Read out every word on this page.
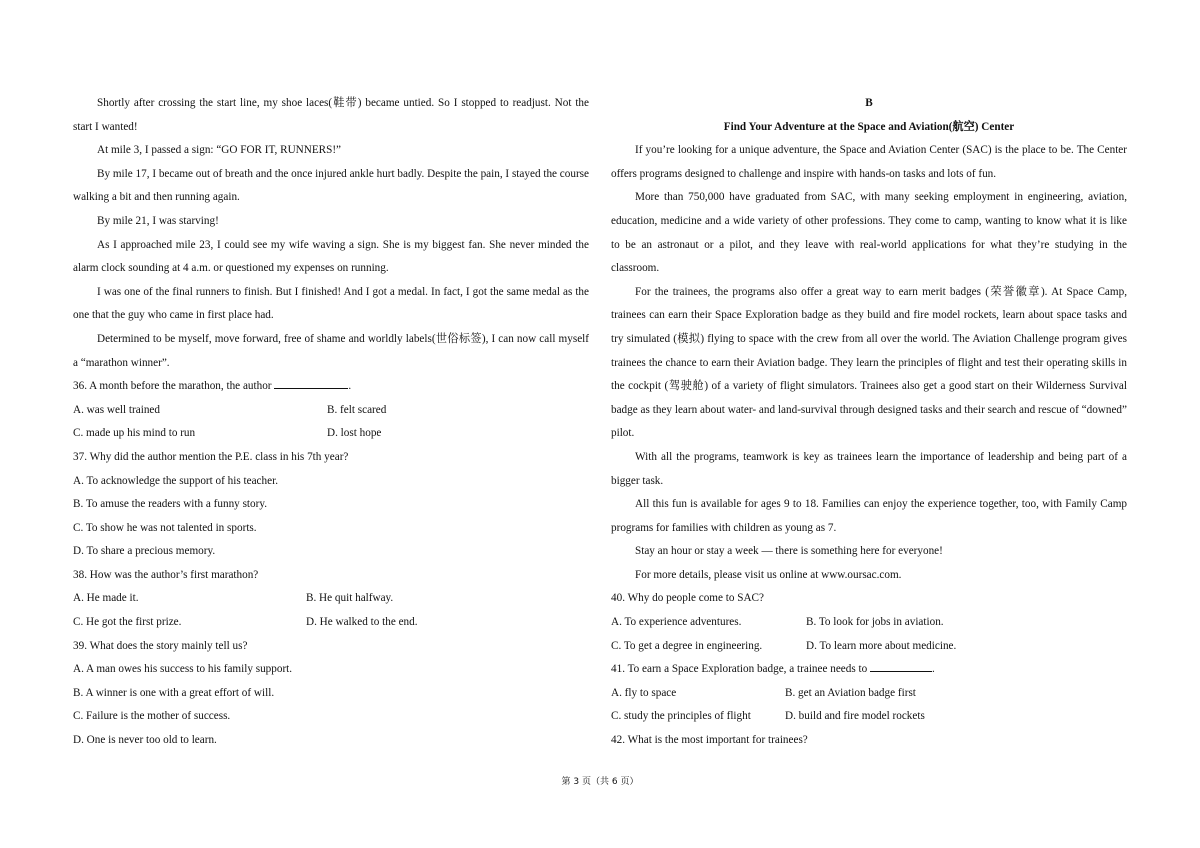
Shortly after crossing the start line, my shoe laces(鞋带) became untied. So I stopped to readjust. Not the start I wanted!

At mile 3, I passed a sign: “GO FOR IT, RUNNERS!”

By mile 17, I became out of breath and the once injured ankle hurt badly. Despite the pain, I stayed the course walking a bit and then running again.

By mile 21, I was starving!

As I approached mile 23, I could see my wife waving a sign. She is my biggest fan. She never minded the alarm clock sounding at 4 a.m. or questioned my expenses on running.

I was one of the final runners to finish. But I finished! And I got a medal. In fact, I got the same medal as the one that the guy who came in first place had.

Determined to be myself, move forward, free of shame and worldly labels(世俗标签), I can now call myself a “marathon winner”.

36. A month before the marathon, the author	.

A. was well trained	B. felt scared
C. made up his mind to run	D. lost hope

37. Why did the author mention the P.E. class in his 7th year?

A. To acknowledge the support of his teacher.

B. To amuse the readers with a funny story.

C. To show he was not talented in sports.

D. To share a precious memory.

38. How was the author’s first marathon?

A. He made it.	B. He quit halfway.
C. He got the first prize.	D. He walked to the end.

39. What does the story mainly tell us?

A. A man owes his success to his family support.

B. A winner is one with a great effort of will.

C. Failure is the mother of success.

D. One is never too old to learn.

B

Find Your Adventure at the Space and Aviation(航空) Center

If you’re looking for a unique adventure, the Space and Aviation Center (SAC) is the place to be. The Center offers programs designed to challenge and inspire with hands-on tasks and lots of fun.

More than 750,000 have graduated from SAC, with many seeking employment in engineering, aviation, education, medicine and a wide variety of other professions. They come to camp, wanting to know what it is like to be an astronaut or a pilot, and they leave with real-world applications for what they’re studying in the classroom.

For the trainees, the programs also offer a great way to earn merit badges (荣誉徽章). At Space Camp, trainees can earn their Space Exploration badge as they build and fire model rockets, learn about space tasks and try simulated (模拟) flying to space with the crew from all over the world. The Aviation Challenge program gives trainees the chance to earn their Aviation badge. They learn the principles of flight and test their operating skills in the cockpit (驾驶舱) of a variety of flight simulators. Trainees also get a good start on their Wilderness Survival badge as they learn about water- and land-survival through designed tasks and their search and rescue of “downed” pilot.

With all the programs, teamwork is key as trainees learn the importance of leadership and being part of a bigger task.

All this fun is available for ages 9 to 18. Families can enjoy the experience together, too, with Family Camp programs for families with children as young as 7.

Stay an hour or stay a week — there is something here for everyone!

For more details, please visit us online at www.oursac.com.

40. Why do people come to SAC?

A. To experience adventures.	B. To look for jobs in aviation.
C. To get a degree in engineering.	D. To learn more about medicine.

41. To earn a Space Exploration badge, a trainee needs to	.

A. fly to space	B. get an Aviation badge first
C. study the principles of flight	D. build and fire model rockets

42. What is the most important for trainees?

第 3 页（共 6 页）
